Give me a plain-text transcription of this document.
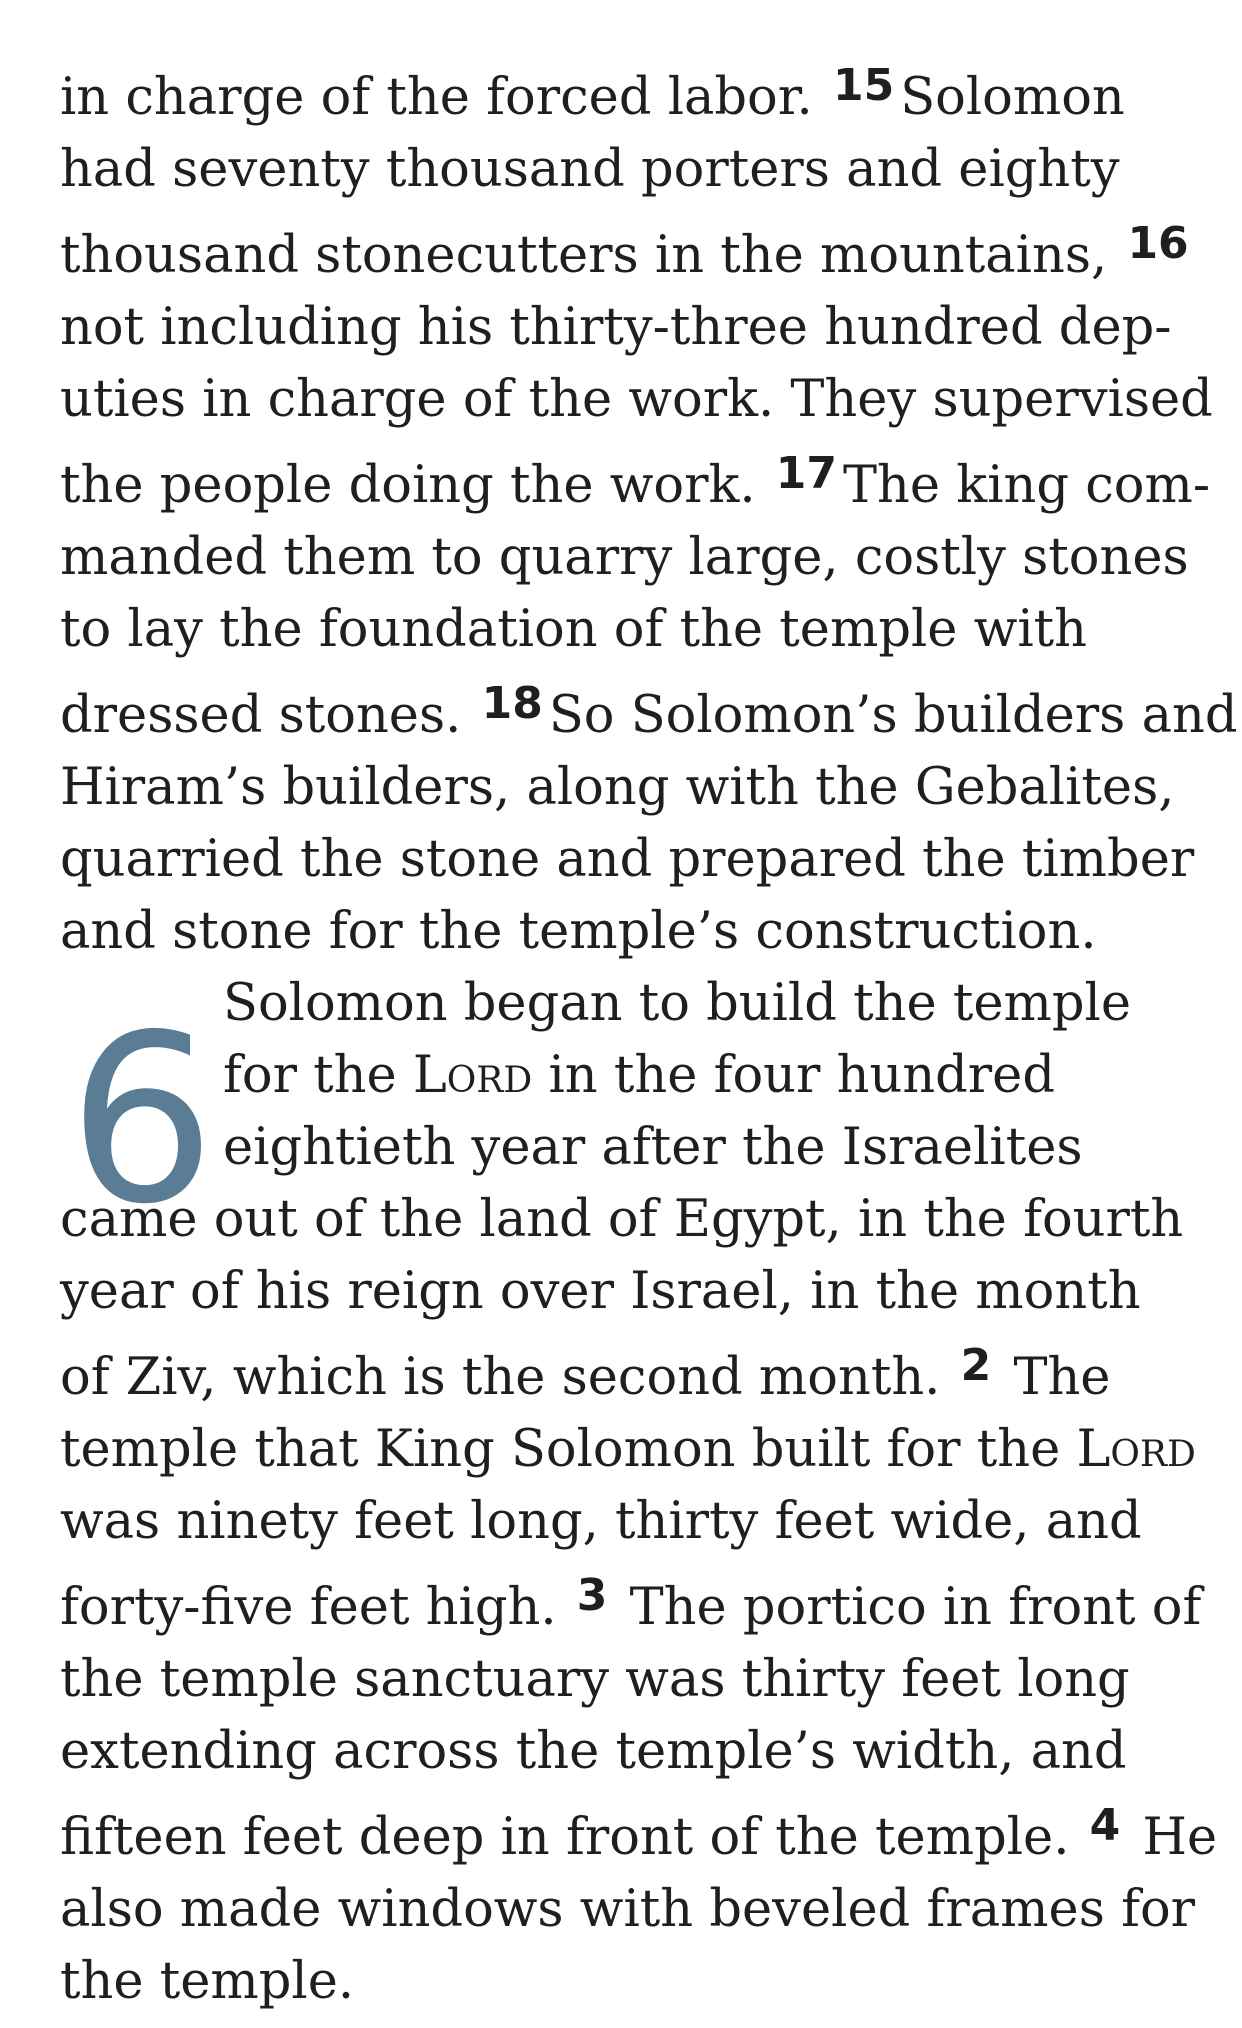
in charge of the forced labor. 15 Solomon
had seventy thousand porters and eighty
thousand stonecutters in the mountains, 16
not including his thirty-three hundred dep-
uties in charge of the work. They supervised
the people doing the work. 17 The king com-
manded them to quarry large, costly stones
to lay the foundation of the temple with
dressed stones. 18 So Solomon’s builders and
Hiram’s builders, along with the Gebalites,
quarried the stone and prepared the timber
and stone for the temple’s construction.
6 Solomon began to build the temple
for the Lord in the four hundred
eightieth year after the Israelites
came out of the land of Egypt, in the fourth
year of his reign over Israel, in the month
of Ziv, which is the second month. 2 The
temple that King Solomon built for the Lord
was ninety feet long, thirty feet wide, and
forty-five feet high. 3 The portico in front of
the temple sanctuary was thirty feet long
extending across the temple’s width, and
fifteen feet deep in front of the temple. 4 He
also made windows with beveled frames for
the temple.
